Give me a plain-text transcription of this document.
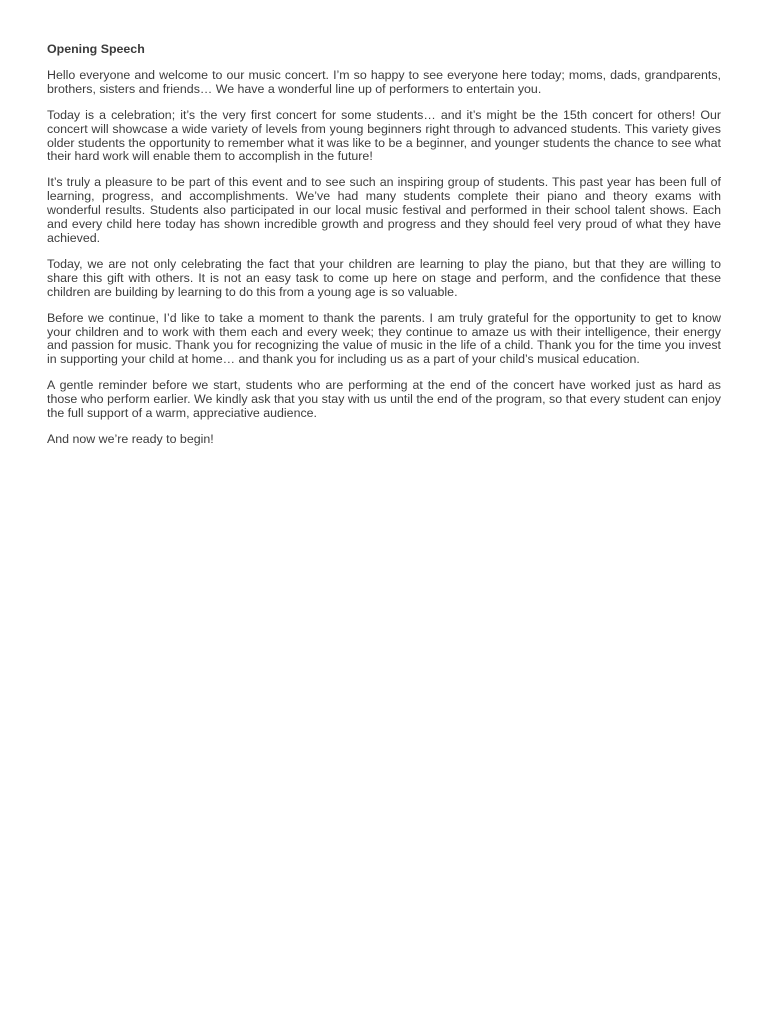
Opening Speech

Hello everyone and welcome to our music concert. I’m so happy to see everyone here today; moms, dads, grandparents, brothers, sisters and friends… We have a wonderful line up of performers to entertain you.

Today is a celebration; it’s the very first concert for some students… and it’s might be the 15th concert for others! Our concert will showcase a wide variety of levels from young beginners right through to advanced students. This variety gives older students the opportunity to remember what it was like to be a beginner, and younger students the chance to see what their hard work will enable them to accomplish in the future!

It’s truly a pleasure to be part of this event and to see such an inspiring group of students. This past year has been full of learning, progress, and accomplishments. We’ve had many students complete their piano and theory exams with wonderful results. Students also participated in our local music festival and performed in their school talent shows. Each and every child here today has shown incredible growth and progress and they should feel very proud of what they have achieved.

Today, we are not only celebrating the fact that your children are learning to play the piano, but that they are willing to share this gift with others. It is not an easy task to come up here on stage and perform, and the confidence that these children are building by learning to do this from a young age is so valuable.

Before we continue, I’d like to take a moment to thank the parents. I am truly grateful for the opportunity to get to know your children and to work with them each and every week; they continue to amaze us with their intelligence, their energy and passion for music. Thank you for recognizing the value of music in the life of a child. Thank you for the time you invest in supporting your child at home… and thank you for including us as a part of your child’s musical education.

A gentle reminder before we start, students who are performing at the end of the concert have worked just as hard as those who perform earlier. We kindly ask that you stay with us until the end of the program, so that every student can enjoy the full support of a warm, appreciative audience.

And now we’re ready to begin!
